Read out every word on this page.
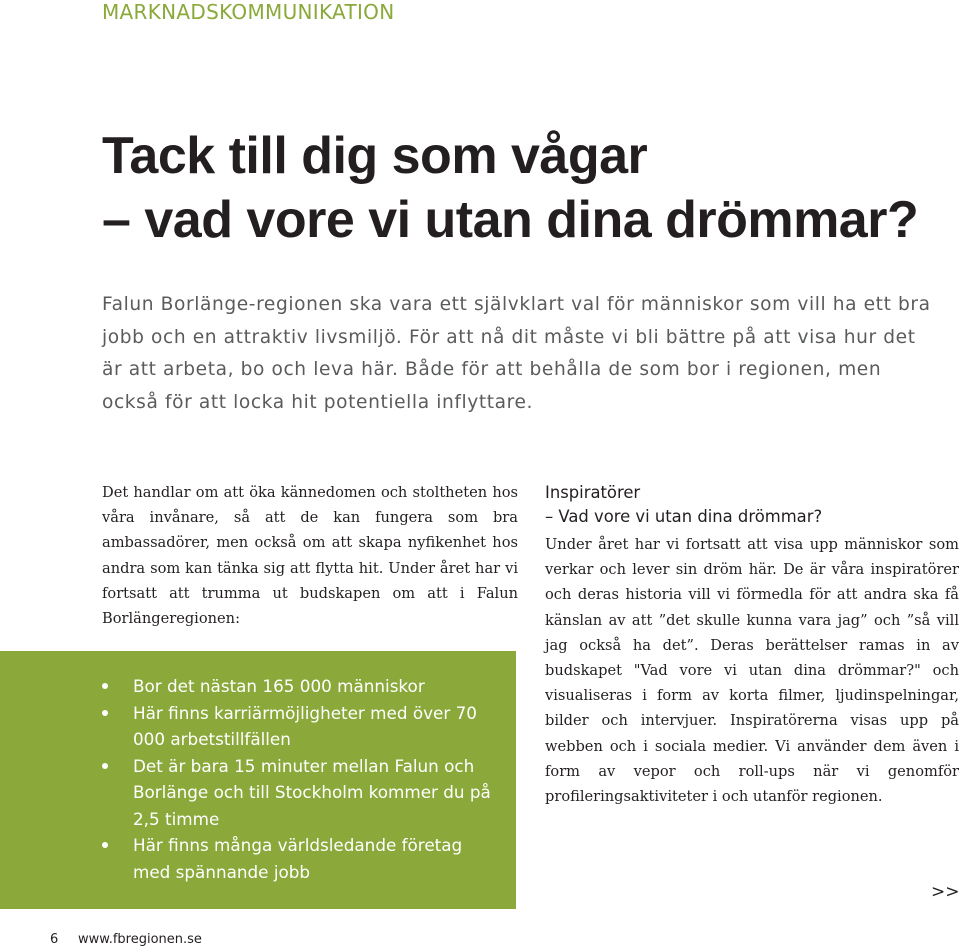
MARKNADSKOMMUNIKATION
Tack till dig som vågar
– vad vore vi utan dina drömmar?

Falun Borlänge-regionen ska vara ett självklart val för människor som vill ha ett bra jobb och en attraktiv livsmiljö. För att nå dit måste vi bli bättre på att visa hur det är att arbeta, bo och leva här. Både för att behålla de som bor i regionen, men också för att locka hit potentiella inflyttare.

Det handlar om att öka kännedomen och stoltheten hos våra invånare, så att de kan fungera som bra ambassadörer, men också om att skapa nyfikenhet hos andra som kan tänka sig att flytta hit. Under året har vi fortsatt att trumma ut budskapen om att i Falun Borlängeregionen:

Bor det nästan 165 000 människor
Här finns karriärmöjligheter med över 70 000 arbetstillfällen
Det är bara 15 minuter mellan Falun och Borlänge och till Stockholm kommer du på 2,5 timme
Här finns många världsledande företag med spännande jobb
Inspiratörer
– Vad vore vi utan dina drömmar?

Under året har vi fortsatt att visa upp människor som verkar och lever sin dröm här. De är våra inspiratörer och deras historia vill vi förmedla för att andra ska få känslan av att ”det skulle kunna vara jag” och ”så vill jag också ha det”. Deras berättelser ramas in av budskapet "Vad vore vi utan dina drömmar?" och visualiseras i form av korta filmer, ljudinspelningar, bilder och intervjuer. Inspiratörerna visas upp på webben och i sociala medier. Vi använder dem även i form av vepor och roll-ups när vi genomför profileringsaktiviteter i och utanför regionen.

>>
6 www.fbregionen.se
